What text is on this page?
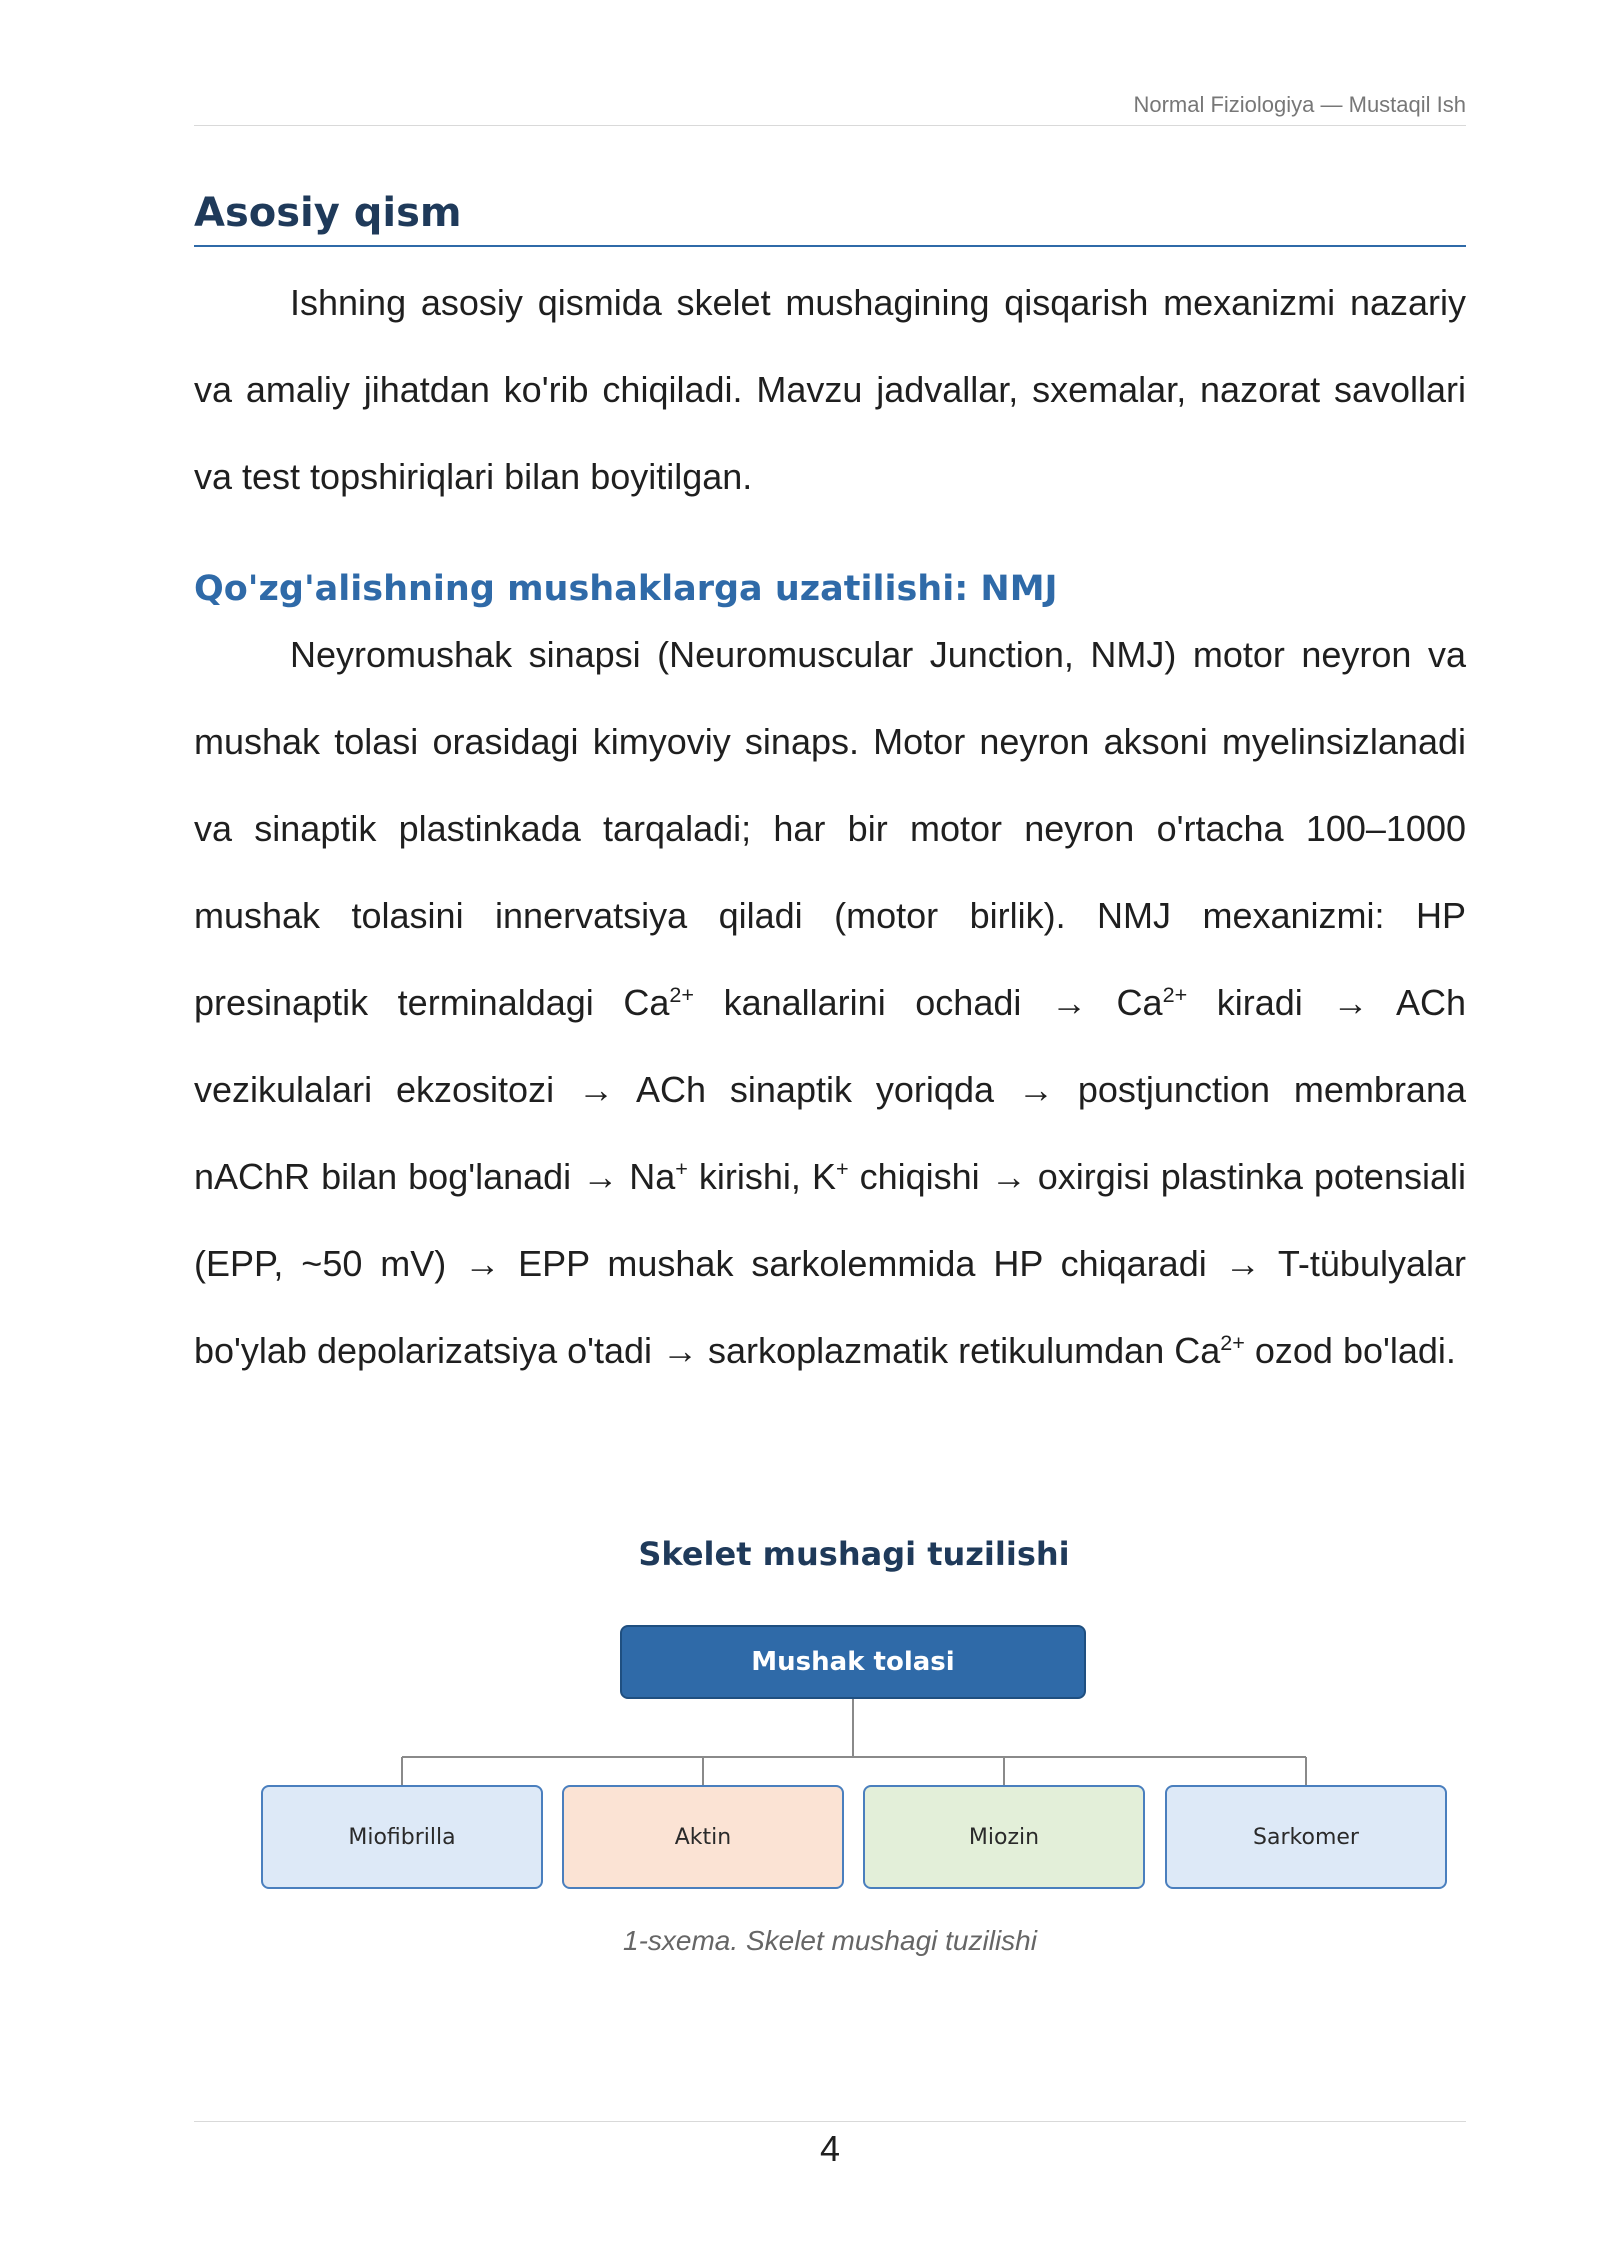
Normal Fiziologiya — Mustaqil Ish
Asosiy qism

Ishning asosiy qismida skelet mushagining qisqarish mexanizmi nazariy va amaliy jihatdan ko'rib chiqiladi. Mavzu jadvallar, sxemalar, nazorat savollari va test topshiriqlari bilan boyitilgan.

Qo'zg'alishning mushaklarga uzatilishi: NMJ

Neyromushak sinapsi (Neuromuscular Junction, NMJ) motor neyron va mushak tolasi orasidagi kimyoviy sinaps. Motor neyron aksoni myelinsizlanadi va sinaptik plastinkada tarqaladi; har bir motor neyron o'rtacha 100–1000 mushak tolasini innervatsiya qiladi (motor birlik). NMJ mexanizmi: HP presinaptik terminaldagi $Ca^{2+}$ kanallarini ochadi → $Ca^{2+}$ kiradi → ACh vezikulalari ekzositozi → ACh sinaptik yoriqda → postjunction membrana nAChR bilan bog'lanadi → Na+ kirishi, K+ chiqishi → oxirgisi plastinka potensiali (EPP, ~50 mV) → EPP mushak sarkolemmida HP chiqaradi → T-tübulyalar bo'ylab depolarizatsiya o'tadi → sarkoplazmatik retikulumdan $Ca^{2+}$ ozod bo'ladi.

Skelet mushagi tuzilishi
Mushak tolasi
Miofibrilla	Aktin	Miozin	Sarkomer
1-sxema. Skelet mushagi tuzilishi
4
